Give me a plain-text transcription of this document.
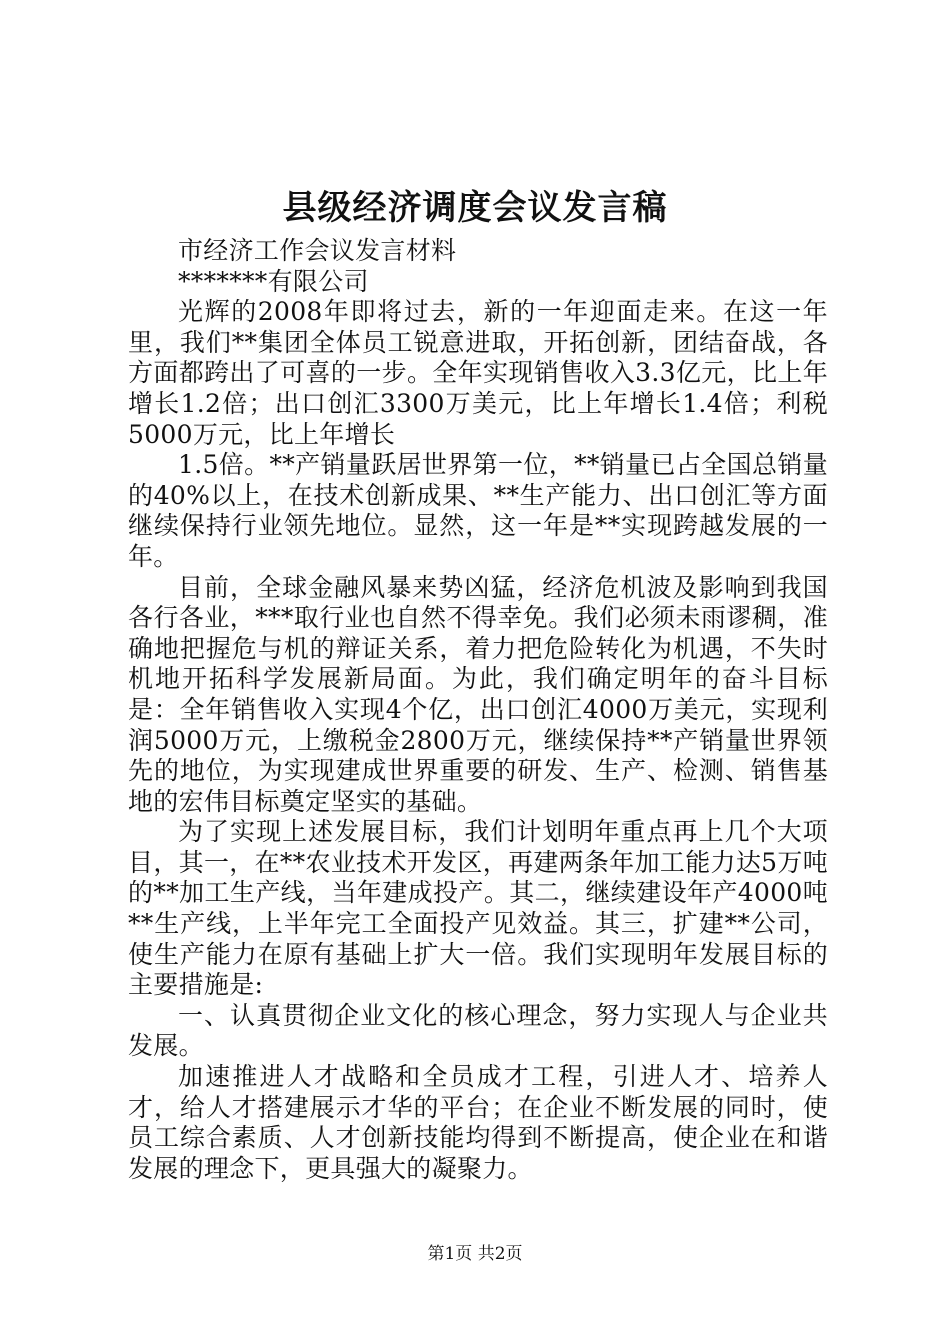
县级经济调度会议发言稿

市经济工作会议发言材料

*******有限公司

光辉的2008年即将过去，新的一年迎面走来。在这一年里，我们**集团全体员工锐意进取，开拓创新，团结奋战，各方面都跨出了可喜的一步。全年实现销售收入3.3亿元，比上年增长1.2倍；出口创汇3300万美元，比上年增长1.4倍；利税5000万元，比上年增长

1.5倍。**产销量跃居世界第一位，**销量已占全国总销量的40%以上，在技术创新成果、**生产能力、出口创汇等方面继续保持行业领先地位。显然，这一年是**实现跨越发展的一年。

目前，全球金融风暴来势凶猛，经济危机波及影响到我国各行各业，***取行业也自然不得幸免。我们必须未雨谬稠，准确地把握危与机的辩证关系，着力把危险转化为机遇，不失时机地开拓科学发展新局面。为此，我们确定明年的奋斗目标是：全年销售收入实现4个亿，出口创汇4000万美元，实现利润5000万元，上缴税金2800万元，继续保持**产销量世界领先的地位，为实现建成世界重要的研发、生产、检测、销售基地的宏伟目标奠定坚实的基础。

为了实现上述发展目标，我们计划明年重点再上几个大项目，其一，在**农业技术开发区，再建两条年加工能力达5万吨的**加工生产线，当年建成投产。其二，继续建设年产4000吨**生产线，上半年完工全面投产见效益。其三，扩建**公司，使生产能力在原有基础上扩大一倍。我们实现明年发展目标的主要措施是:

一、认真贯彻企业文化的核心理念，努力实现人与企业共发展。

加速推进人才战略和全员成才工程，引进人才、培养人才，给人才搭建展示才华的平台；在企业不断发展的同时，使员工综合素质、人才创新技能均得到不断提高，使企业在和谐发展的理念下，更具强大的凝聚力。

第1页 共2页
